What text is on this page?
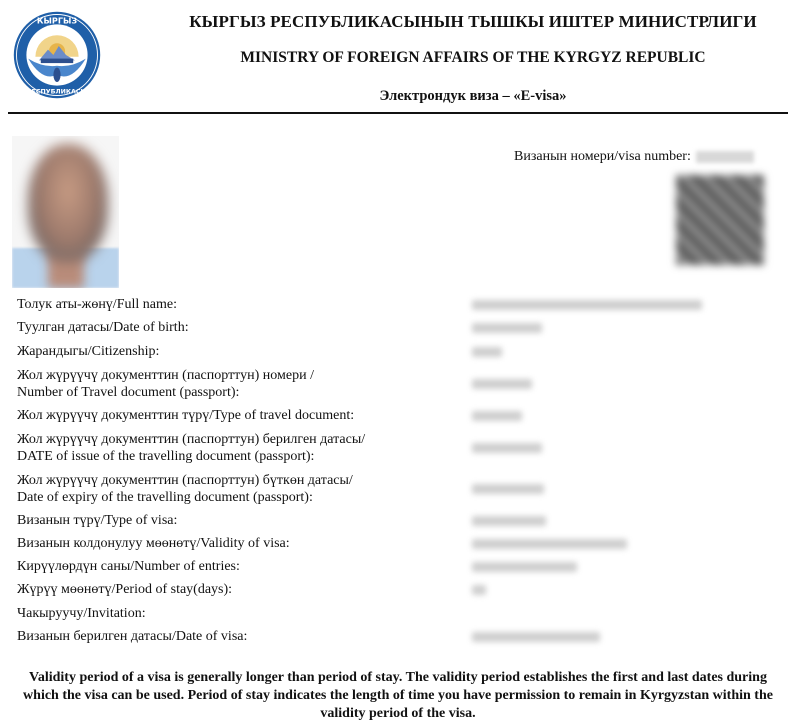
КЫРГЫЗ
РЕСПУБЛИКАСЫ
КЫРГЫЗ РЕСПУБЛИКАСЫНЫН ТЫШКЫ ИШТЕР МИНИСТРЛИГИ
MINISTRY OF FOREIGN AFFAIRS OF THE KYRGYZ REPUBLIC
Электрондук виза – «E-visa»
Визанын номери/visa number:
Толук аты-жөнү/Full name:
Туулган датасы/Date of birth:
Жарандыгы/Citizenship:
Жол жүрүүчү документтин (паспорттун) номери /
Number of Travel document (passport):
Жол жүрүүчү документтин түрү/Type of travel document:
Жол жүрүүчү документтин (паспорттун) берилген датасы/
DATE of issue of the travelling document (passport):
Жол жүрүүчү документтин (паспорттун) бүткөн датасы/
Date of expiry of the travelling document (passport):
Визанын түрү/Type of visa:
Визанын колдонулуу мөөнөтү/Validity of visa:
Кирүүлөрдүн саны/Number of entries:
Жүрүү мөөнөтү/Period of stay(days):
Чакыруучу/Invitation:
Визанын берилген датасы/Date of visa:
Validity period of a visa is generally longer than period of stay. The validity period establishes the first and last dates during which the visa can be used. Period of stay indicates the length of time you have permission to remain in Kyrgyzstan within the validity period of the visa.
